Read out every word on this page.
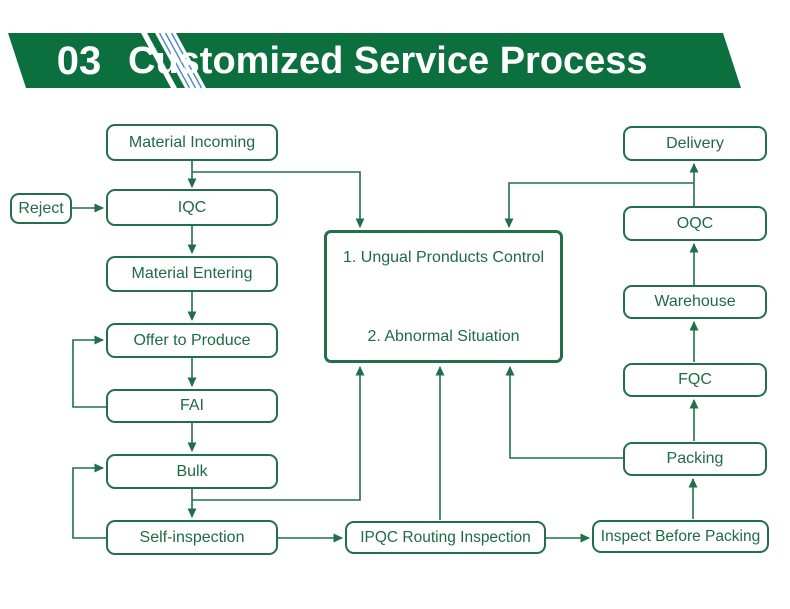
03 Customized Service Process
Material Incoming
Reject	IQC
Material Entering
Offer to Produce
FAI
Bulk
Self-inspection
1. Ungual Pronducts Control
2. Abnormal Situation
IPQC Routing Inspection	Inspect Before Packing
Packing
FQC
Warehouse
OQC
Delivery
